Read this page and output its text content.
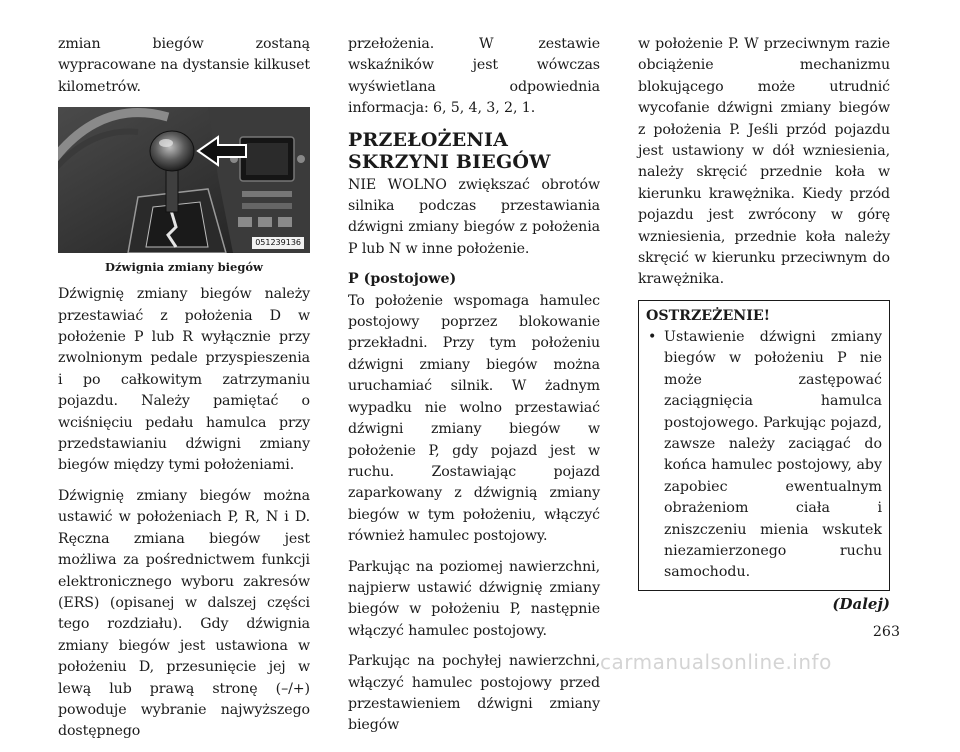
zmian biegów zostaną wypracowane na dystansie kilkuset kilometrów.

051239136
Dźwignia zmiany biegów

Dźwignię zmiany biegów należy przestawiać z położenia D w położenie P lub R wyłącznie przy zwolnionym pedale przyspieszenia i po całkowitym zatrzymaniu pojazdu. Należy pamiętać o wciśnięciu pedału hamulca przy przedstawianiu dźwigni zmiany biegów między tymi położeniami.

Dźwignię zmiany biegów można ustawić w położeniach P, R, N i D. Ręczna zmiana biegów jest możliwa za pośrednictwem funkcji elektronicznego wyboru zakresów (ERS) (opisanej w dalszej części tego rozdziału). Gdy dźwignia zmiany biegów jest ustawiona w położeniu D, przesunięcie jej w lewą lub prawą stronę (–/+) powoduje wybranie najwyższego dostępnego

przełożenia. W zestawie wskaźników jest wówczas wyświetlana odpowiednia informacja: 6, 5, 4, 3, 2, 1.

PRZEŁOŻENIA SKRZYNI BIEGÓW

NIE WOLNO zwiększać obrotów silnika podczas przestawiania dźwigni zmiany biegów z położenia P lub N w inne położenie.

P (postojowe)

To położenie wspomaga hamulec postojowy poprzez blokowanie przekładni. Przy tym położeniu dźwigni zmiany biegów można uruchamiać silnik. W żadnym wypadku nie wolno przestawiać dźwigni zmiany biegów w położenie P, gdy pojazd jest w ruchu. Zostawiając pojazd zaparkowany z dźwignią zmiany biegów w tym położeniu, włączyć również hamulec postojowy.

Parkując na poziomej nawierzchni, najpierw ustawić dźwignię zmiany biegów w położeniu P, następnie włączyć hamulec postojowy.

Parkując na pochyłej nawierzchni, włączyć hamulec postojowy przed przestawieniem dźwigni zmiany biegów

w położenie P. W przeciwnym razie obciążenie mechanizmu blokującego może utrudnić wycofanie dźwigni zmiany biegów z położenia P. Jeśli przód pojazdu jest ustawiony w dół wzniesienia, należy skręcić przednie koła w kierunku krawężnika. Kiedy przód pojazdu jest zwrócony w górę wzniesienia, przednie koła należy skręcić w kierunku przeciwnym do krawężnika.

OSTRZEŻENIE!
• Ustawienie dźwigni zmiany biegów w położeniu P nie może zastępować zaciągnięcia hamulca postojowego. Parkując pojazd, zawsze należy zaciągać do końca hamulec postojowy, aby zapobiec ewentualnym obrażeniom ciała i zniszczeniu mienia wskutek niezamierzonego ruchu samochodu.
(Dalej)
263
carmanualsonline.info
